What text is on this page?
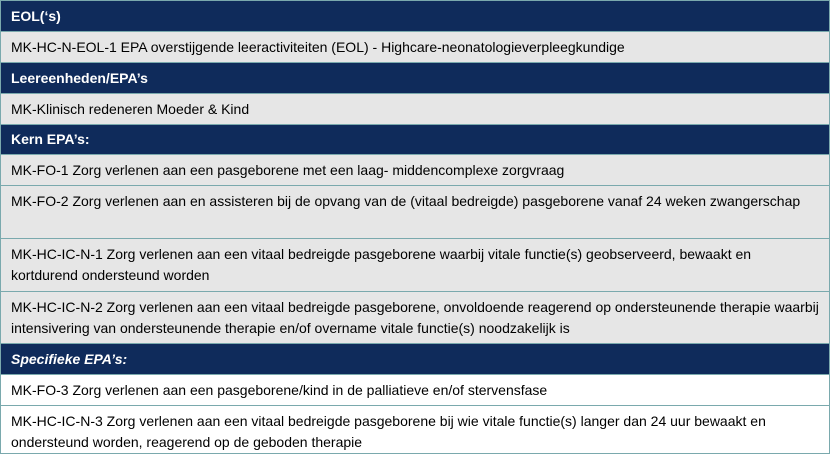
EOL(‘s)
MK-HC-N-EOL-1 EPA overstijgende leeractiviteiten (EOL) - Highcare-neonatologieverpleegkundige
Leereenheden/EPA’s
MK-Klinisch redeneren Moeder & Kind
Kern EPA’s:
MK-FO-1 Zorg verlenen aan een pasgeborene met een laag- middencomplexe zorgvraag
MK-FO-2 Zorg verlenen aan en assisteren bij de opvang van de (vitaal bedreigde) pasgeborene vanaf 24 weken zwangerschap
MK-HC-IC-N-1 Zorg verlenen aan een vitaal bedreigde pasgeborene waarbij vitale functie(s) geobserveerd, bewaakt en kortdurend ondersteund worden
MK-HC-IC-N-2 Zorg verlenen aan een vitaal bedreigde pasgeborene, onvoldoende reagerend op ondersteunende therapie waarbij intensivering van ondersteunende therapie en/of overname vitale functie(s) noodzakelijk is
Specifieke EPA’s:
MK-FO-3 Zorg verlenen aan een pasgeborene/kind in de palliatieve en/of stervensfase
MK-HC-IC-N-3 Zorg verlenen aan een vitaal bedreigde pasgeborene bij wie vitale functie(s) langer dan 24 uur bewaakt en ondersteund worden, reagerend op de geboden therapie
